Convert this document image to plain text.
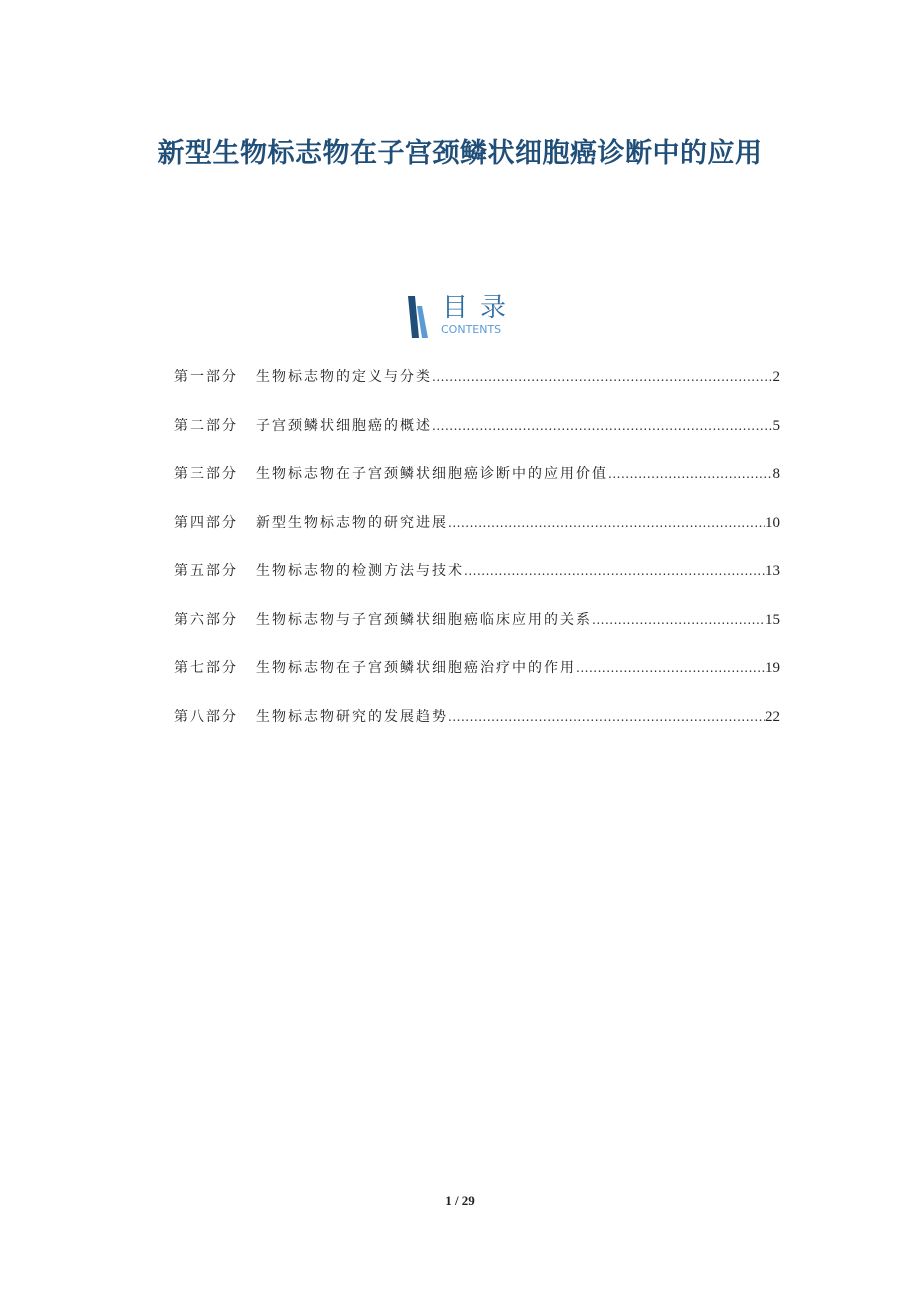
新型生物标志物在子宫颈鳞状细胞癌诊断中的应用
目录
CONTENTS
第一部分	生物标志物的定义与分类 .....	2
第二部分	子宫颈鳞状细胞癌的概述 .....	5
第三部分	生物标志物在子宫颈鳞状细胞癌诊断中的应用价值 .....	8
第四部分	新型生物标志物的研究进展 .....	10
第五部分	生物标志物的检测方法与技术 .....	13
第六部分	生物标志物与子宫颈鳞状细胞癌临床应用的关系 .....	15
第七部分	生物标志物在子宫颈鳞状细胞癌治疗中的作用 .....	19
第八部分	生物标志物研究的发展趋势 .....	22
1 / 29
